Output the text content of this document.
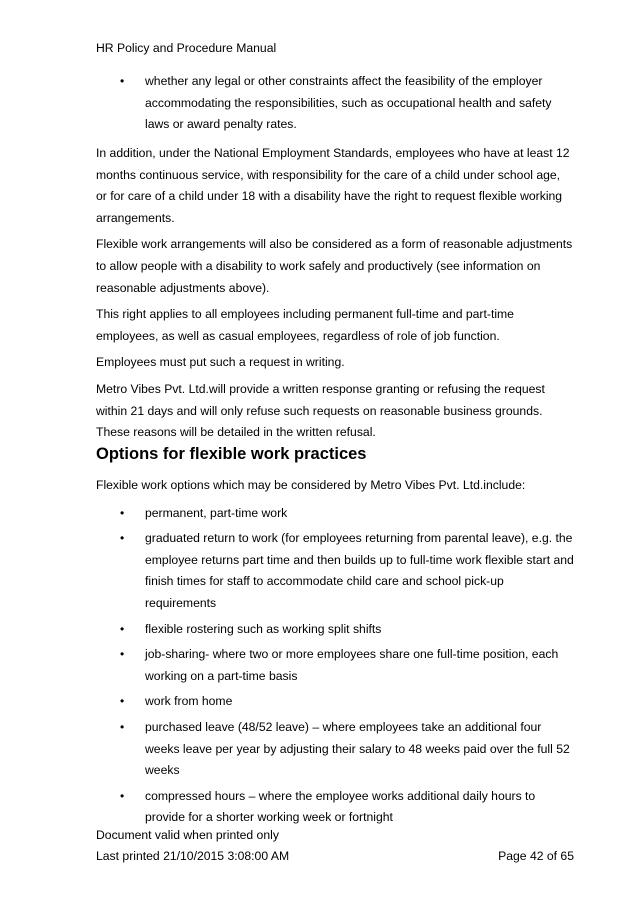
HR Policy and Procedure Manual
• whether any legal or other constraints affect the feasibility of the employer accommodating the responsibilities, such as occupational health and safety laws or award penalty rates.

In addition, under the National Employment Standards, employees who have at least 12 months continuous service, with responsibility for the care of a child under school age, or for care of a child under 18 with a disability have the right to request flexible working arrangements.

Flexible work arrangements will also be considered as a form of reasonable adjustments to allow people with a disability to work safely and productively (see information on reasonable adjustments above).

This right applies to all employees including permanent full-time and part-time employees, as well as casual employees, regardless of role of job function.

Employees must put such a request in writing.

Metro Vibes Pvt. Ltd.will provide a written response granting or refusing the request within 21 days and will only refuse such requests on reasonable business grounds. These reasons will be detailed in the written refusal.

Options for flexible work practices

Flexible work options which may be considered by Metro Vibes Pvt. Ltd.include:

• permanent, part-time work
• graduated return to work (for employees returning from parental leave), e.g. the employee returns part time and then builds up to full-time work flexible start and finish times for staff to accommodate child care and school pick-up requirements
• flexible rostering such as working split shifts
• job-sharing- where two or more employees share one full-time position, each working on a part-time basis
• work from home
• purchased leave (48/52 leave) – where employees take an additional four weeks leave per year by adjusting their salary to 48 weeks paid over the full 52 weeks
• compressed hours – where the employee works additional daily hours to provide for a shorter working week or fortnight
Document valid when printed only
Last printed 21/10/2015 3:08:00 AM	Page 42 of 65
